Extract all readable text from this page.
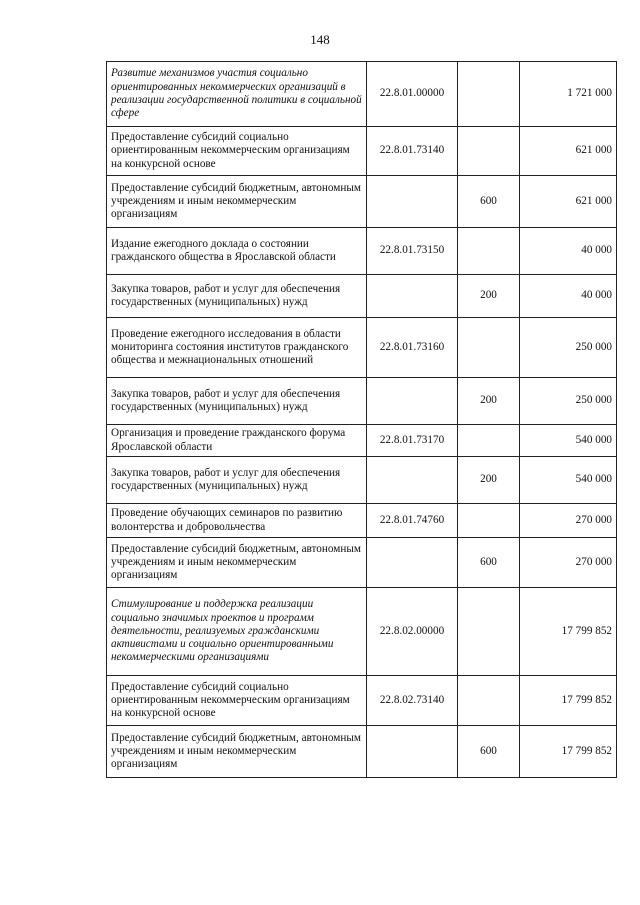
148
Развитие механизмов участия социально ориентированных некоммерческих организаций в реализации государственной политики в социальной сфере	22.8.01.00000		1 721 000
Предоставление субсидий социально ориентированным некоммерческим организациям на конкурсной основе	22.8.01.73140		621 000
Предоставление субсидий бюджетным, автономным учреждениям и иным некоммерческим организациям		600	621 000
Издание ежегодного доклада о состоянии гражданского общества в Ярославской области	22.8.01.73150		40 000
Закупка товаров, работ и услуг для обеспечения государственных (муниципальных) нужд		200	40 000
Проведение ежегодного исследования в области мониторинга состояния институтов гражданского общества и межнациональных отношений	22.8.01.73160		250 000
Закупка товаров, работ и услуг для обеспечения государственных (муниципальных) нужд		200	250 000
Организация и проведение гражданского форума Ярославской области	22.8.01.73170		540 000
Закупка товаров, работ и услуг для обеспечения государственных (муниципальных) нужд		200	540 000
Проведение обучающих семинаров по развитию волонтерства и добровольчества	22.8.01.74760		270 000
Предоставление субсидий бюджетным, автономным учреждениям и иным некоммерческим организациям		600	270 000
Стимулирование и поддержка реализации социально значимых проектов и программ деятельности, реализуемых гражданскими активистами и социально ориентированными некоммерческими организациями	22.8.02.00000		17 799 852
Предоставление субсидий социально ориентированным некоммерческим организациям на конкурсной основе	22.8.02.73140		17 799 852
Предоставление субсидий бюджетным, автономным учреждениям и иным некоммерческим организациям		600	17 799 852
